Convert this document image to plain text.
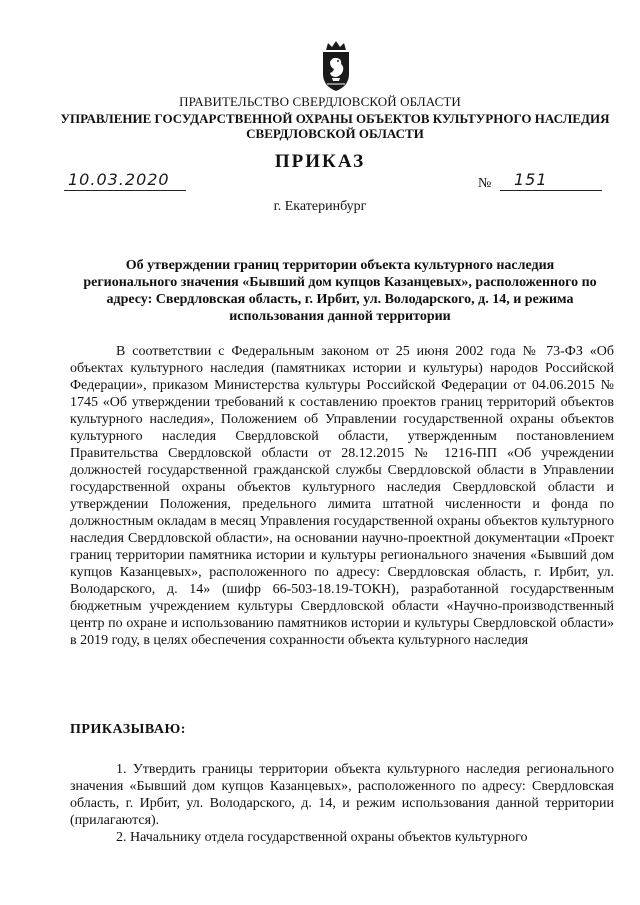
ПРАВИТЕЛЬСТВО СВЕРДЛОВСКОЙ ОБЛАСТИ
УПРАВЛЕНИЕ ГОСУДАРСТВЕННОЙ ОХРАНЫ ОБЪЕКТОВ КУЛЬТУРНОГО НАСЛЕДИЯ СВЕРДЛОВСКОЙ ОБЛАСТИ
ПРИКАЗ
10.03.2020	№ 151
г. Екатеринбург
Об утверждении границ территории объекта культурного наследия регионального значения «Бывший дом купцов Казанцевых», расположенного по адресу: Свердловская область, г. Ирбит, ул. Володарского, д. 14, и режима использования данной территории

В соответствии с Федеральным законом от 25 июня 2002 года № 73-ФЗ «Об объектах культурного наследия (памятниках истории и культуры) народов Российской Федерации», приказом Министерства культуры Российской Федерации от 04.06.2015 № 1745 «Об утверждении требований к составлению проектов границ территорий объектов культурного наследия», Положением об Управлении государственной охраны объектов культурного наследия Свердловской области, утвержденным постановлением Правительства Свердловской области от 28.12.2015 № 1216-ПП «Об учреждении должностей государственной гражданской службы Свердловской области в Управлении государственной охраны объектов культурного наследия Свердловской области и утверждении Положения, предельного лимита штатной численности и фонда по должностным окладам в месяц Управления государственной охраны объектов культурного наследия Свердловской области», на основании научно-проектной документации «Проект границ территории памятника истории и культуры регионального значения «Бывший дом купцов Казанцевых», расположенного по адресу: Свердловская область, г. Ирбит, ул. Володарского, д. 14» (шифр 66-503-18.19-ТОКН), разработанной государственным бюджетным учреждением культуры Свердловской области «Научно-производственный центр по охране и использованию памятников истории и культуры Свердловской области» в 2019 году, в целях обеспечения сохранности объекта культурного наследия

ПРИКАЗЫВАЮ:

1. Утвердить границы территории объекта культурного наследия регионального значения «Бывший дом купцов Казанцевых», расположенного по адресу: Свердловская область, г. Ирбит, ул. Володарского, д. 14, и режим использования данной территории (прилагаются).

2. Начальнику отдела государственной охраны объектов культурного
